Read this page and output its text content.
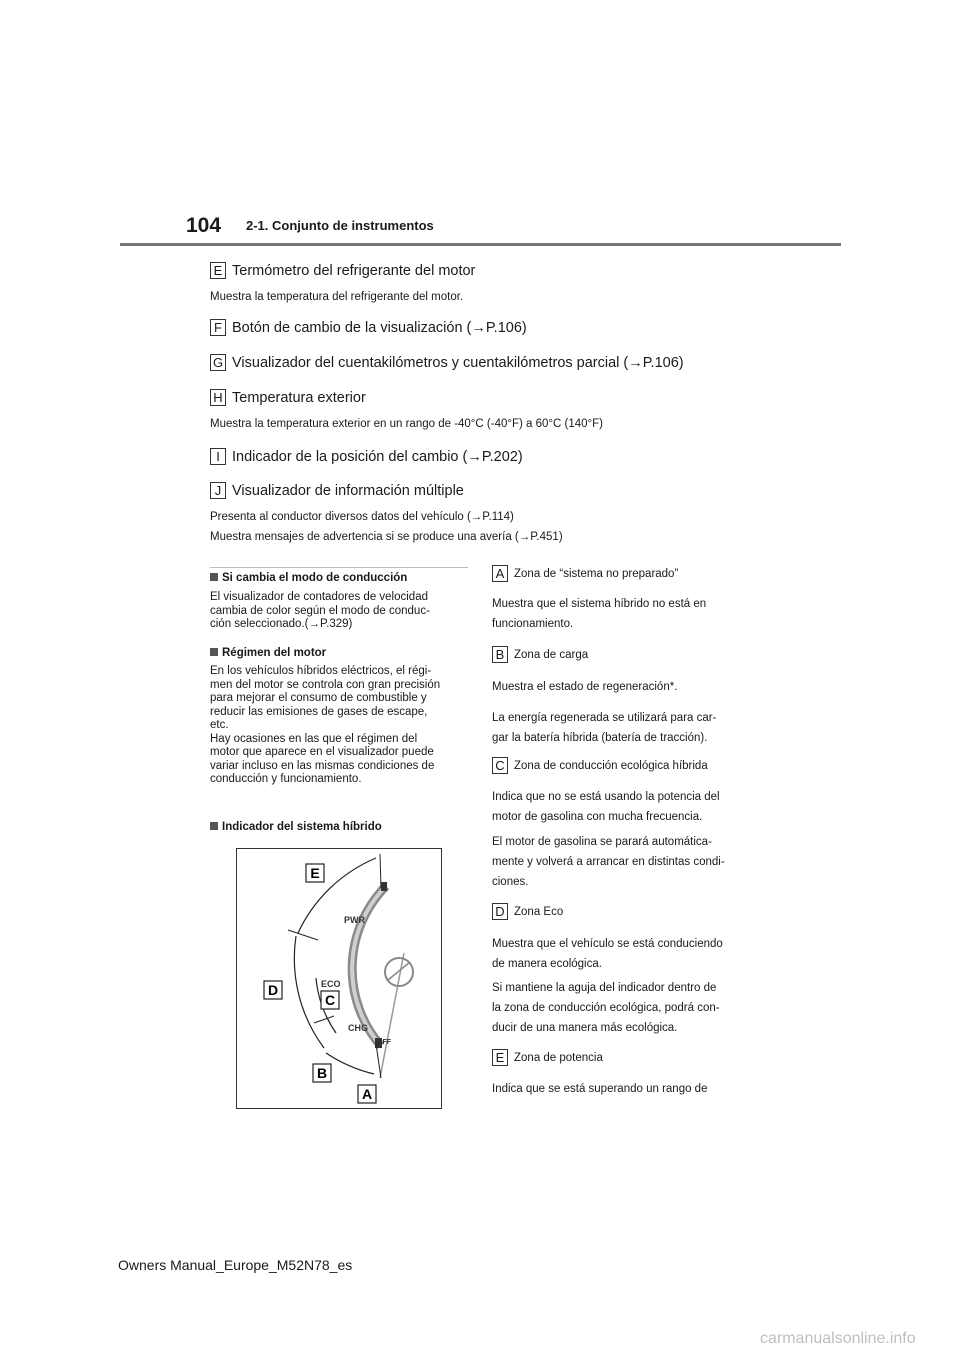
104 2-1. Conjunto de instrumentos
E Termómetro del refrigerante del motor
Muestra la temperatura del refrigerante del motor.
F Botón de cambio de la visualización (→P.106)
G Visualizador del cuentakilómetros y cuentakilómetros parcial (→P.106)
H Temperatura exterior
Muestra la temperatura exterior en un rango de -40°C (-40°F) a 60°C (140°F)
I Indicador de la posición del cambio (→P.202)
J Visualizador de información múltiple
Presenta al conductor diversos datos del vehículo (→P.114)
Muestra mensajes de advertencia si se produce una avería (→P.451)
Si cambia el modo de conducción
El visualizador de contadores de velocidad
cambia de color según el modo de conduc-
ción seleccionado.(→P.329)
Régimen del motor
En los vehículos híbridos eléctricos, el régi-
men del motor se controla con gran precisión
para mejorar el consumo de combustible y
reducir las emisiones de gases de escape,
etc.
Hay ocasiones en las que el régimen del
motor que aparece en el visualizador puede
variar incluso en las mismas condiciones de
conducción y funcionamiento.
Indicador del sistema híbrido
PWR
ECO
CHG
OFF
E
D
C
B
A
A Zona de “sistema no preparado”
Muestra que el sistema híbrido no está en
funcionamiento.
B Zona de carga
Muestra el estado de regeneración*.
La energía regenerada se utilizará para car-
gar la batería híbrida (batería de tracción).
C Zona de conducción ecológica híbrida
Indica que no se está usando la potencia del
motor de gasolina con mucha frecuencia.
El motor de gasolina se parará automática-
mente y volverá a arrancar en distintas condi-
ciones.
D Zona Eco
Muestra que el vehículo se está conduciendo
de manera ecológica.
Si mantiene la aguja del indicador dentro de
la zona de conducción ecológica, podrá con-
ducir de una manera más ecológica.
E Zona de potencia
Indica que se está superando un rango de
Owners Manual_Europe_M52N78_es
carmanualsonline.info
